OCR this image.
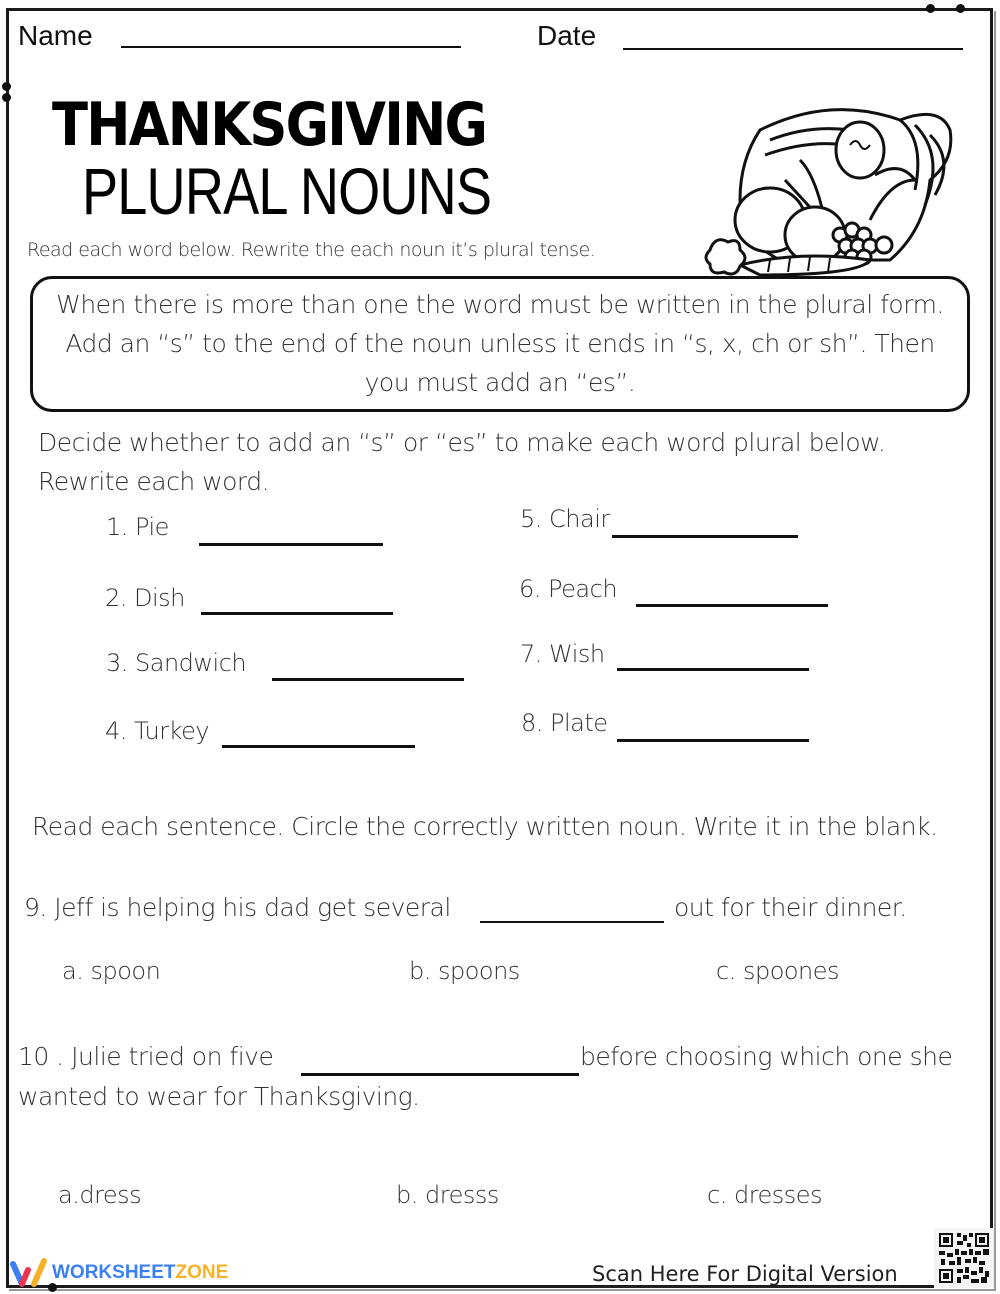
Name	Date
THANKSGIVING
PLURAL NOUNS
Read each word below. Rewrite the each noun it’s plural tense.
When there is more than one the word must be written in the plural form.
Add an “s” to the end of the noun unless it ends in “s, x, ch or sh”. Then
you must add an “es”.
Decide whether to add an “s” or “es” to make each word plural below.
Rewrite each word.
1. Pie
2. Dish
3. Sandwich
4. Turkey
5. Chair
6. Peach
7. Wish
8. Plate
Read each sentence. Circle the correctly written noun. Write it in the blank.
9. Jeff is helping his dad get several	out for their dinner.
a. spoon	b. spoons	c. spoones
10 . Julie tried on five	before choosing which one she
wanted to wear for Thanksgiving.
a.dress	b. dresss	c. dresses
WORKSHEETZONE	Scan Here For Digital Version
